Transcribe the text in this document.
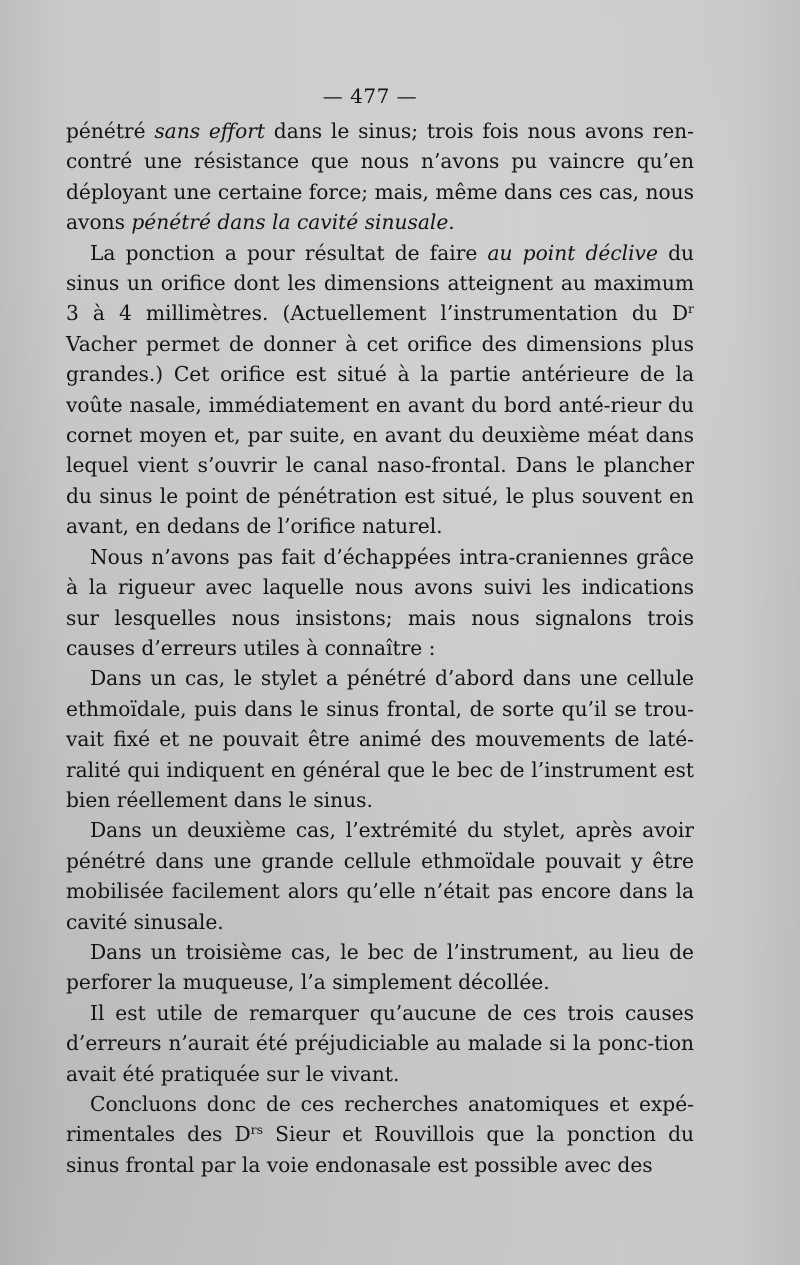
— 477 —

pénétré sans effort dans le sinus; trois fois nous avons ren-contré une résistance que nous n’avons pu vaincre qu’en déployant une certaine force; mais, même dans ces cas, nous avons pénétré dans la cavité sinusale.

La ponction a pour résultat de faire au point déclive du sinus un orifice dont les dimensions atteignent au maximum 3 à 4 millimètres. (Actuellement l’instrumentation du $D^r$ Vacher permet de donner à cet orifice des dimensions plus grandes.) Cet orifice est situé à la partie antérieure de la voûte nasale, immédiatement en avant du bord anté-rieur du cornet moyen et, par suite, en avant du deuxième méat dans lequel vient s’ouvrir le canal naso-frontal. Dans le plancher du sinus le point de pénétration est situé, le plus souvent en avant, en dedans de l’orifice naturel.

Nous n’avons pas fait d’échappées intra-craniennes grâce à la rigueur avec laquelle nous avons suivi les indications sur lesquelles nous insistons; mais nous signalons trois causes d’erreurs utiles à connaître :

Dans un cas, le stylet a pénétré d’abord dans une cellule ethmoïdale, puis dans le sinus frontal, de sorte qu’il se trou-vait fixé et ne pouvait être animé des mouvements de laté-ralité qui indiquent en général que le bec de l’instrument est bien réellement dans le sinus.

Dans un deuxième cas, l’extrémité du stylet, après avoir pénétré dans une grande cellule ethmoïdale pouvait y être mobilisée facilement alors qu’elle n’était pas encore dans la cavité sinusale.

Dans un troisième cas, le bec de l’instrument, au lieu de perforer la muqueuse, l’a simplement décollée.

Il est utile de remarquer qu’aucune de ces trois causes d’erreurs n’aurait été préjudiciable au malade si la ponc-tion avait été pratiquée sur le vivant.

Concluons donc de ces recherches anatomiques et expé-rimentales des $D^{rs}$ Sieur et Rouvillois que la ponction du sinus frontal par la voie endonasale est possible avec des
